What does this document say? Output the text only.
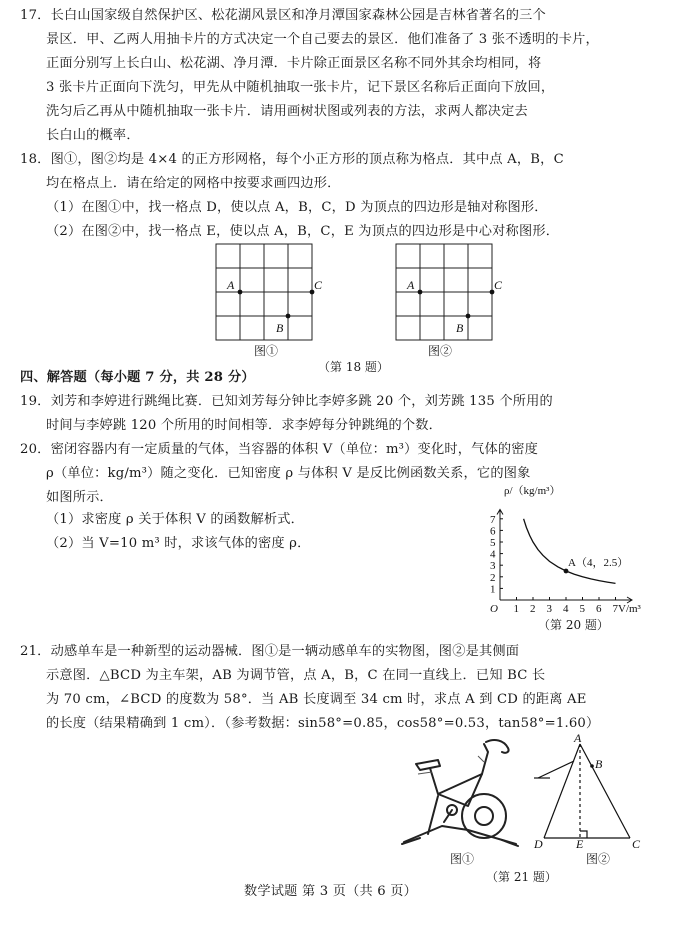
17．长白山国家级自然保护区、松花湖风景区和净月潭国家森林公园是吉林省著名的三个
景区．甲、乙两人用抽卡片的方式决定一个自己要去的景区．他们准备了 3 张不透明的卡片，
正面分别写上长白山、松花湖、净月潭．卡片除正面景区名称不同外其余均相同，将
3 张卡片正面向下洗匀，甲先从中随机抽取一张卡片，记下景区名称后正面向下放回，
洗匀后乙再从中随机抽取一张卡片．请用画树状图或列表的方法，求两人都决定去
长白山的概率．
18．图①，图②均是 4×4 的正方形网格，每个小正方形的顶点称为格点．其中点 A，B，C
均在格点上．请在给定的网格中按要求画四边形．
（1）在图①中，找一格点 D，使以点 A，B，C，D 为顶点的四边形是轴对称图形．
（2）在图②中，找一格点 E，使以点 A，B，C，E 为顶点的四边形是中心对称图形．
A	C
B
图①
A	C
B
图②
（第 18 题）
四、解答题（每小题 7 分，共 28 分）
19．刘芳和李婷进行跳绳比赛．已知刘芳每分钟比李婷多跳 20 个，刘芳跳 135 个所用的
时间与李婷跳 120 个所用的时间相等．求李婷每分钟跳绳的个数．
20．密闭容器内有一定质量的气体，当容器的体积 V（单位：m³）变化时，气体的密度
ρ（单位：kg/m³）随之变化．已知密度 ρ 与体积 V 是反比例函数关系，它的图象
如图所示．
（1）求密度 ρ 关于体积 V 的函数解析式．
（2）当 V=10 m³ 时，求该气体的密度 ρ．
1 2 3 4 5 6 7
1
2
3
4
5
6
7
A（4，2.5）
ρ/（kg/m³）
V/m³
O
（第 20 题）
21．动感单车是一种新型的运动器械．图①是一辆动感单车的实物图，图②是其侧面
示意图．△BCD 为主车架，AB 为调节管，点 A，B，C 在同一直线上．已知 BC 长
为 70 cm，∠BCD 的度数为 58°．当 AB 长度调至 34 cm 时，求点 A 到 CD 的距离 AE
的长度（结果精确到 1 cm）．（参考数据：sin58°=0.85，cos58°=0.53，tan58°=1.60）
图①
A
B
D	E	C
图②
（第 21 题）
数学试题 第 3 页（共 6 页）
